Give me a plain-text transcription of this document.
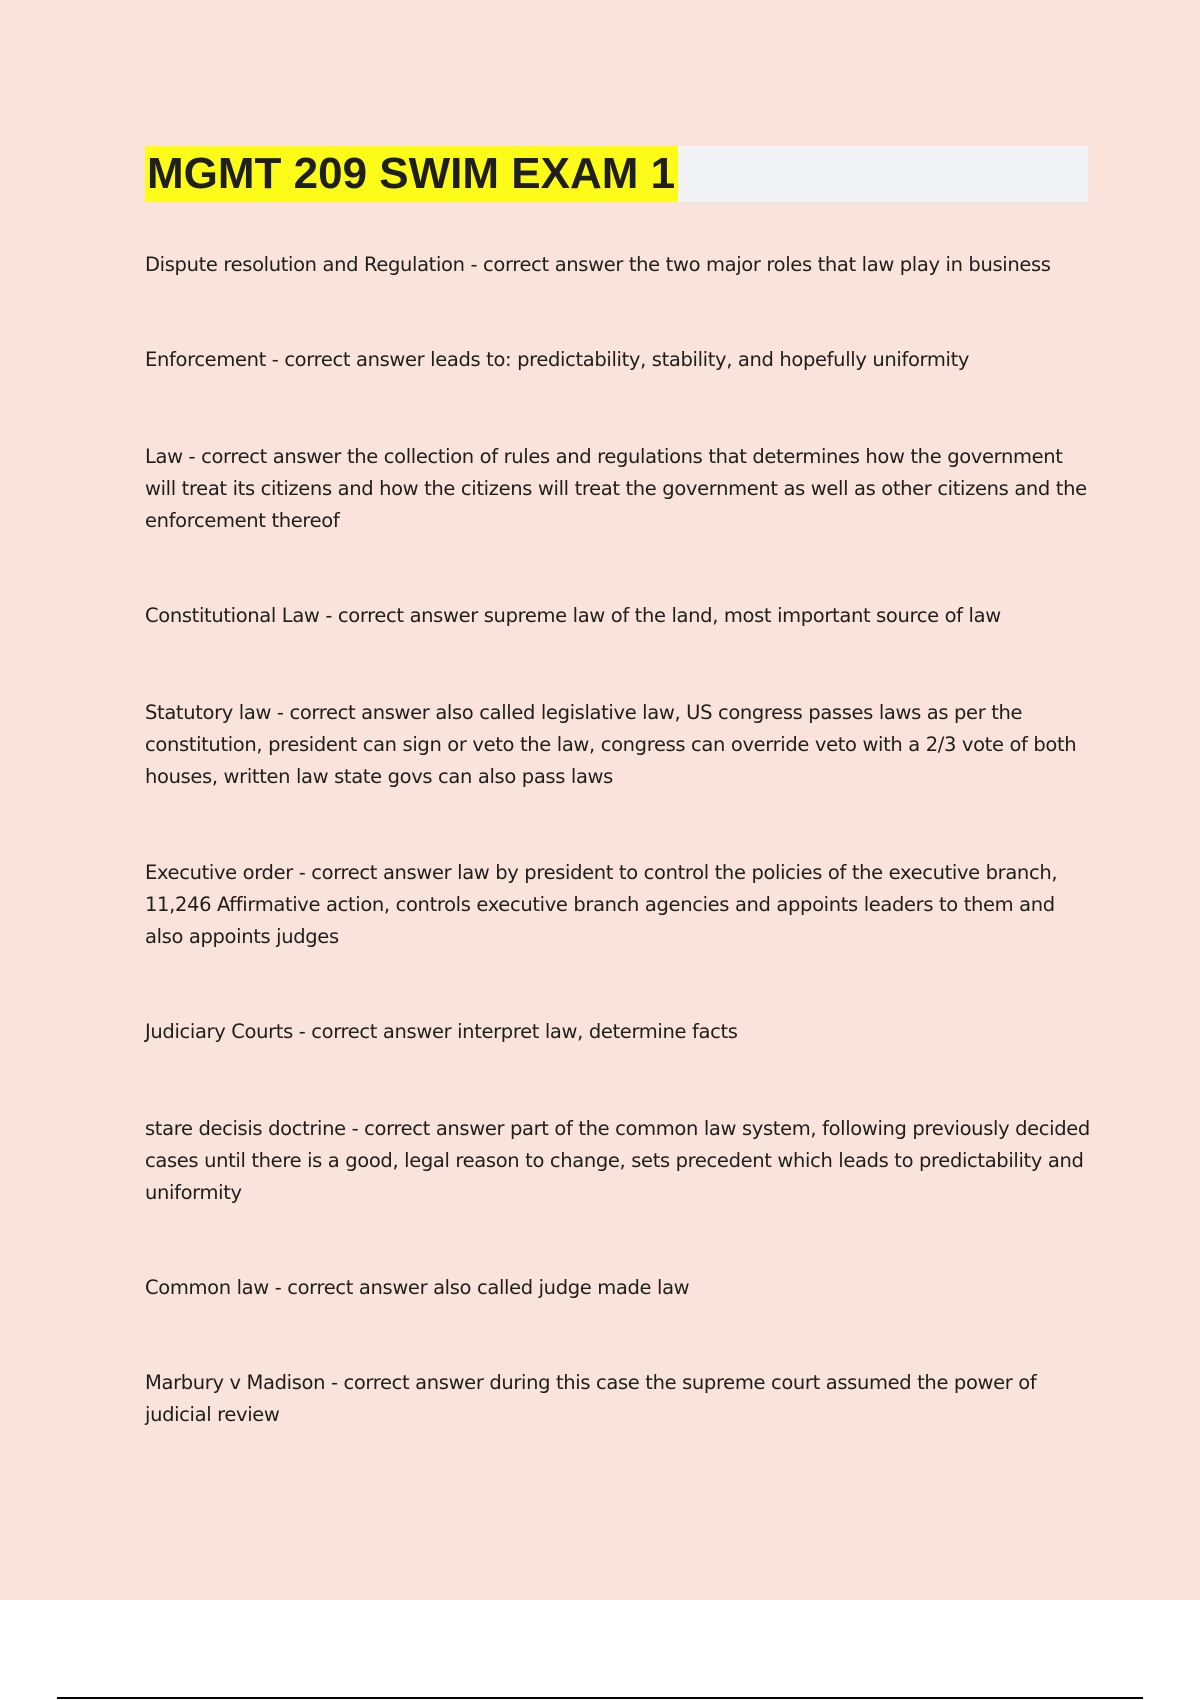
MGMT 209 SWIM EXAM 1

Dispute resolution and Regulation - correct answer the two major roles that law play in business

Enforcement - correct answer leads to: predictability, stability, and hopefully uniformity

Law - correct answer the collection of rules and regulations that determines how the government will treat its citizens and how the citizens will treat the government as well as other citizens and the enforcement thereof

Constitutional Law - correct answer supreme law of the land, most important source of law

Statutory law - correct answer also called legislative law, US congress passes laws as per the constitution, president can sign or veto the law, congress can override veto with a 2/3 vote of both houses, written law state govs can also pass laws

Executive order - correct answer law by president to control the policies of the executive branch, 11,246 Affirmative action, controls executive branch agencies and appoints leaders to them and also appoints judges

Judiciary Courts - correct answer interpret law, determine facts

stare decisis doctrine - correct answer part of the common law system, following previously decided cases until there is a good, legal reason to change, sets precedent which leads to predictability and uniformity

Common law - correct answer also called judge made law

Marbury v Madison - correct answer during this case the supreme court assumed the power of judicial review
